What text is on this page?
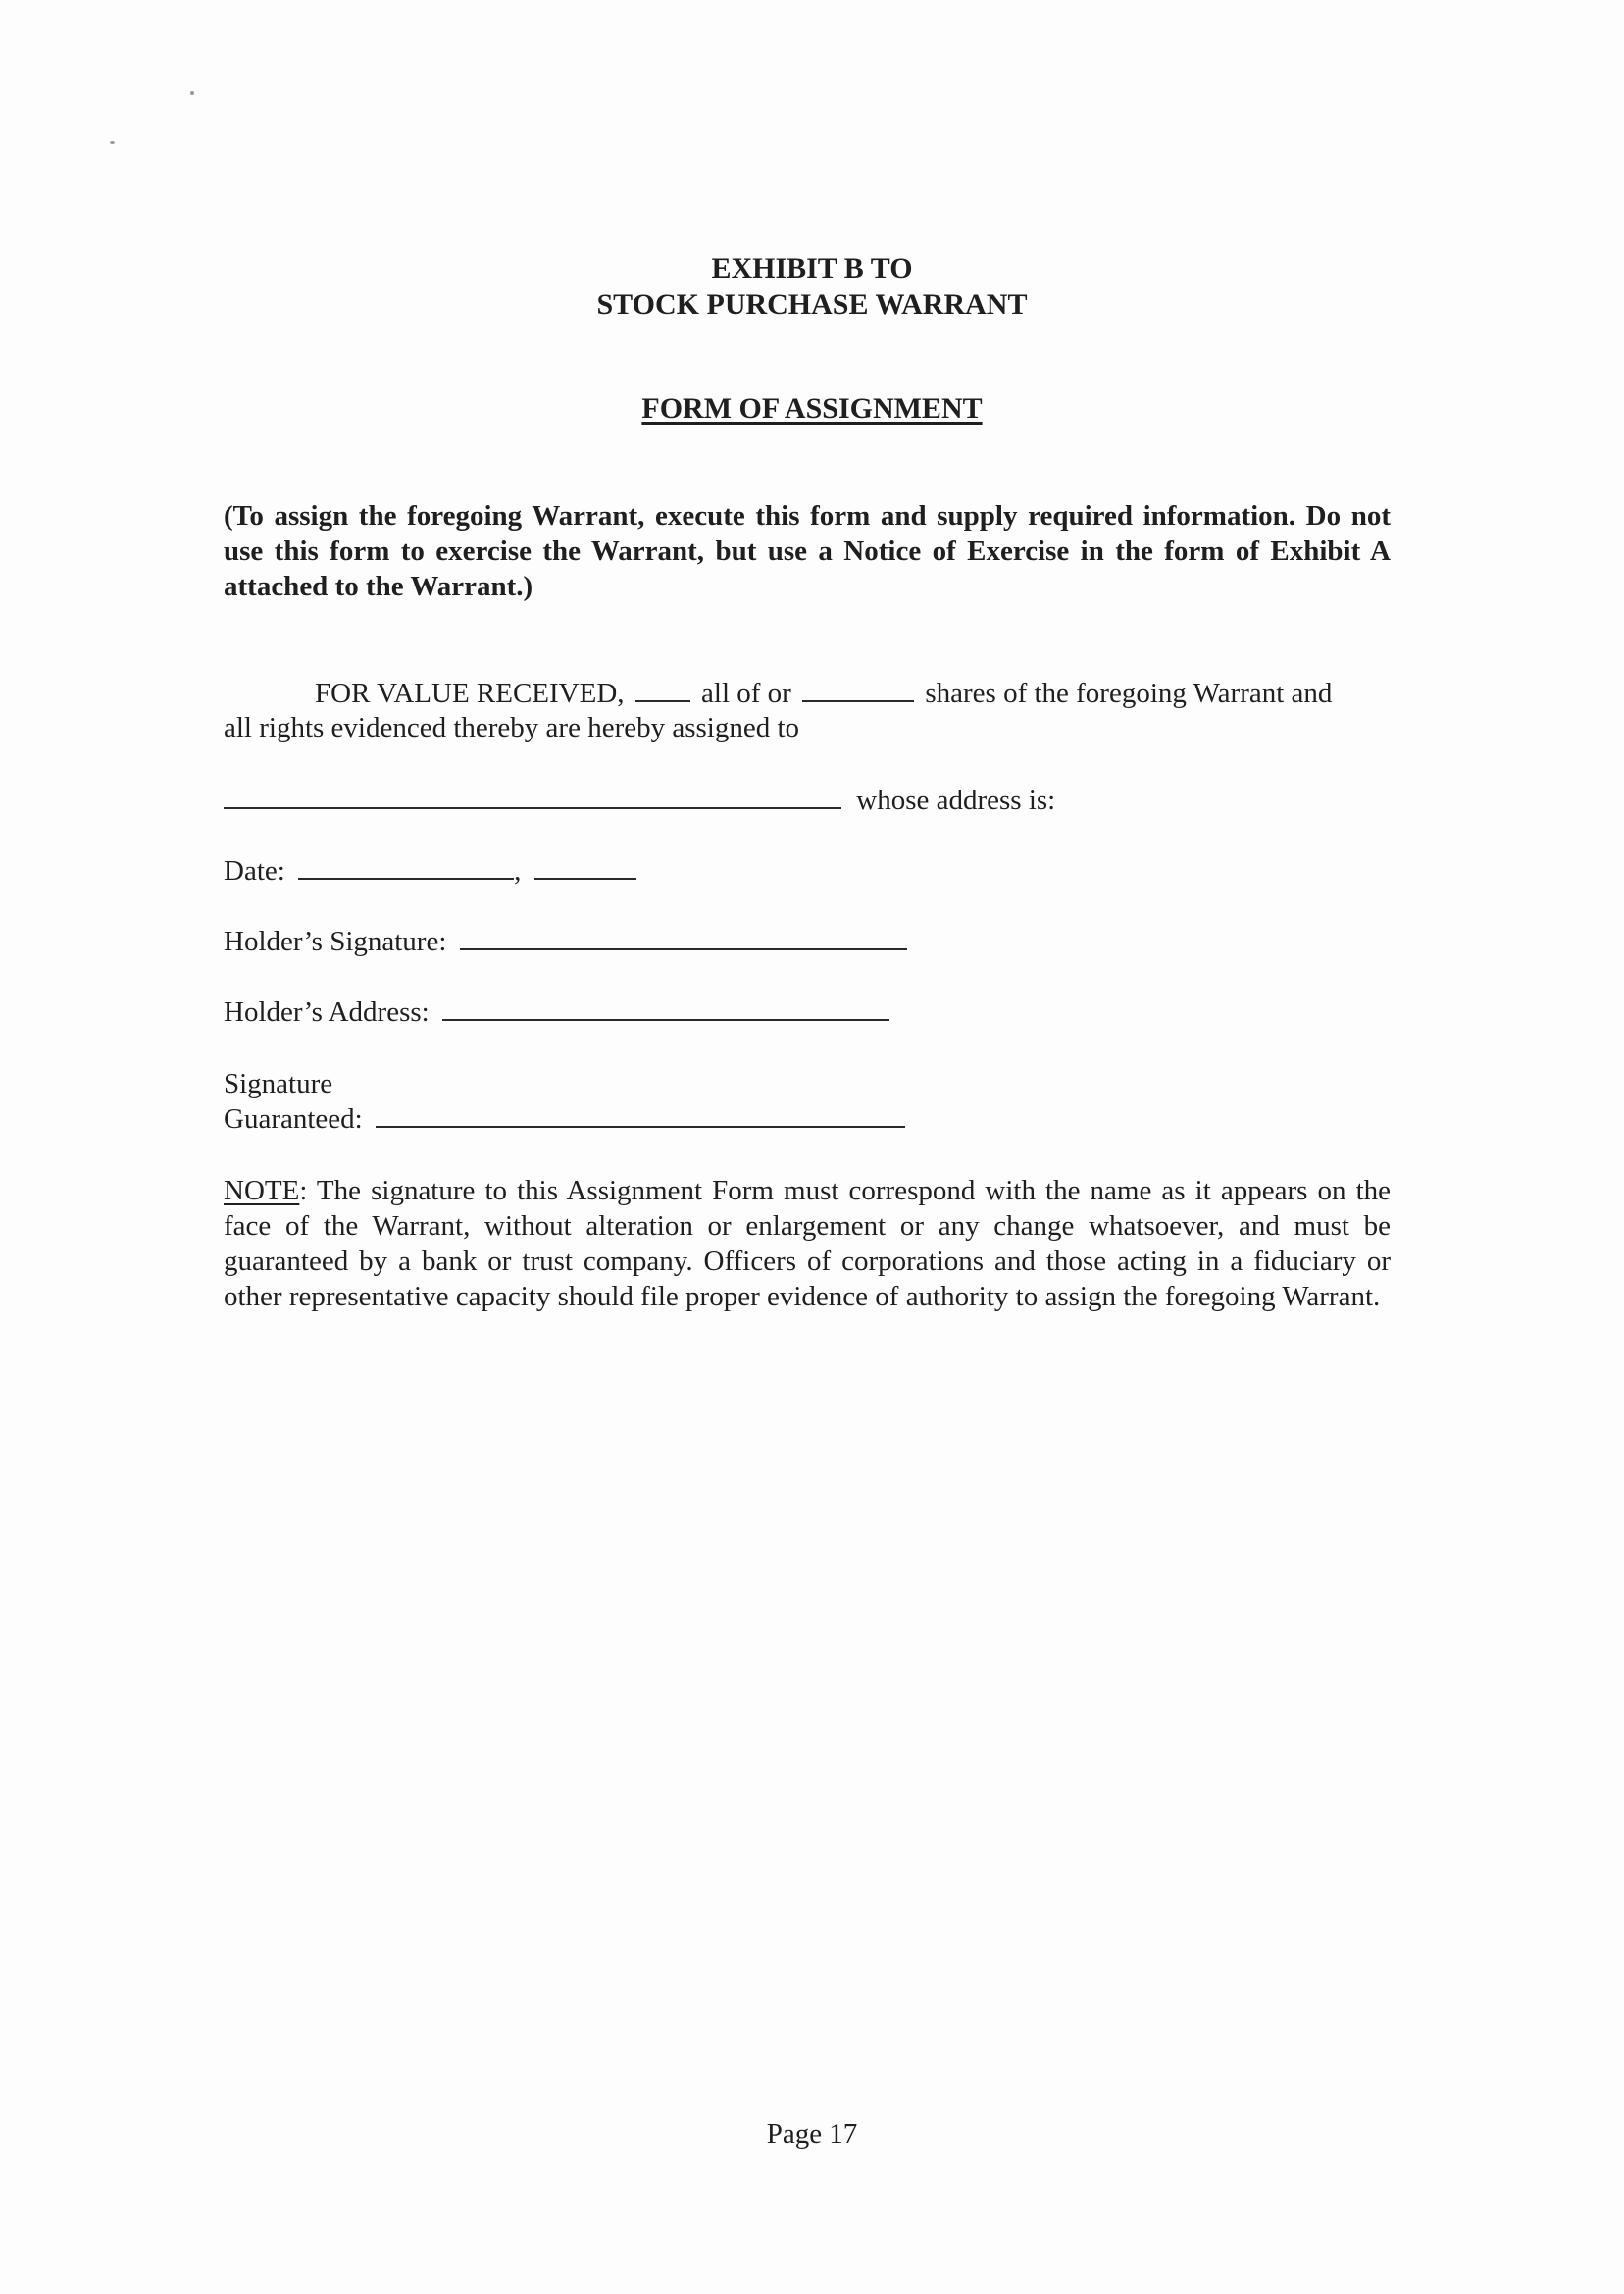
EXHIBIT B TO
STOCK PURCHASE WARRANT
FORM OF ASSIGNMENT
(To assign the foregoing Warrant, execute this form and supply required information. Do not use this form to exercise the Warrant, but use a Notice of Exercise in the form of Exhibit A attached to the Warrant.)
FOR VALUE RECEIVED,	all of or	shares of the foregoing Warrant and
all rights evidenced thereby are hereby assigned to
whose address is:
Date:	,
Holder’s Signature:
Holder’s Address:
Signature
Guaranteed:
NOTE: The signature to this Assignment Form must correspond with the name as it appears on the face of the Warrant, without alteration or enlargement or any change whatsoever, and must be guaranteed by a bank or trust company. Officers of corporations and those acting in a fiduciary or other representative capacity should file proper evidence of authority to assign the foregoing Warrant.
Page 17
